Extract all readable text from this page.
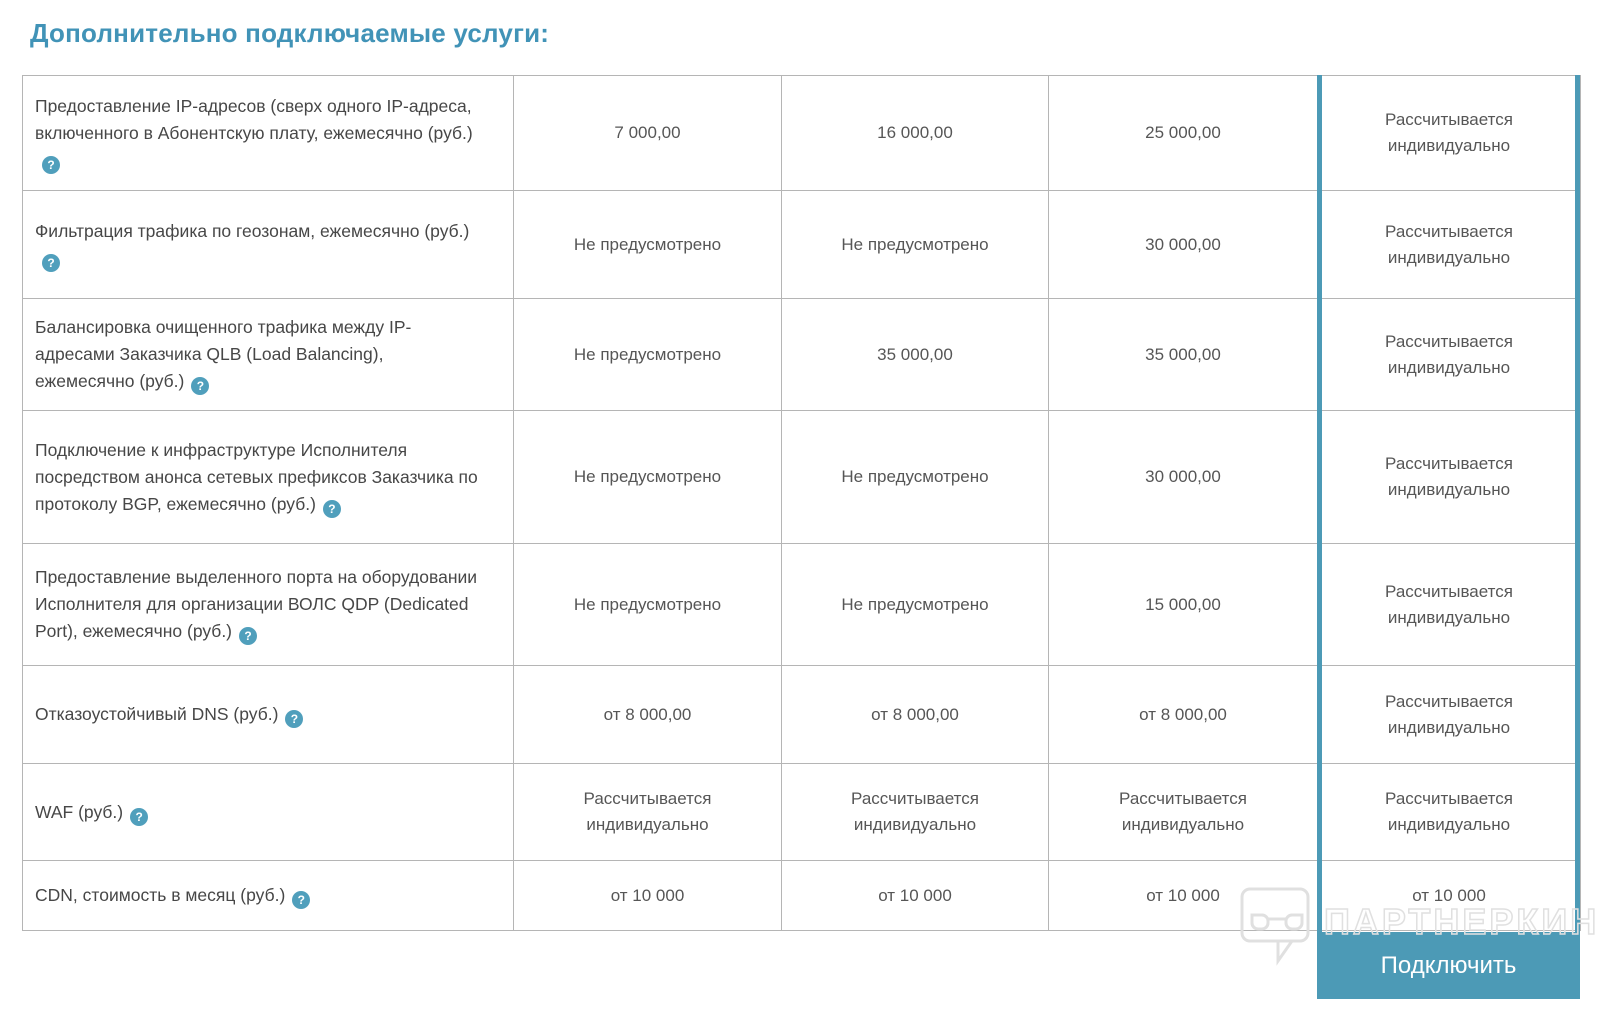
Дополнительно подключаемые услуги:
Предоставление IP-адресов (сверх одного IP-адреса, включенного в Абонентскую плату, ежемесячно (руб.)?	7 000,00	16 000,00	25 000,00	Рассчитывается индивидуально
Фильтрация трафика по геозонам, ежемесячно (руб.)?	Не предусмотрено	Не предусмотрено	30 000,00	Рассчитывается индивидуально
Балансировка очищенного трафика между IP-адресами Заказчика QLB (Load Balancing), ежемесячно (руб.) ?	Не предусмотрено	35 000,00	35 000,00	Рассчитывается индивидуально
Подключение к инфраструктуре Исполнителя посредством анонса сетевых префиксов Заказчика по протоколу BGP, ежемесячно (руб.) ?	Не предусмотрено	Не предусмотрено	30 000,00	Рассчитывается индивидуально
Предоставление выделенного порта на оборудовании Исполнителя для организации ВОЛС QDP (Dedicated Port), ежемесячно (руб.) ?	Не предусмотрено	Не предусмотрено	15 000,00	Рассчитывается индивидуально
Отказоустойчивый DNS (руб.) ?	от 8 000,00	от 8 000,00	от 8 000,00	Рассчитывается индивидуально
WAF (руб.) ?	Рассчитывается индивидуально	Рассчитывается индивидуально	Рассчитывается индивидуально	Рассчитывается индивидуально
CDN, стоимость в месяц (руб.) ?	от 10 000	от 10 000	от 10 000	от 10 000
Подключить
